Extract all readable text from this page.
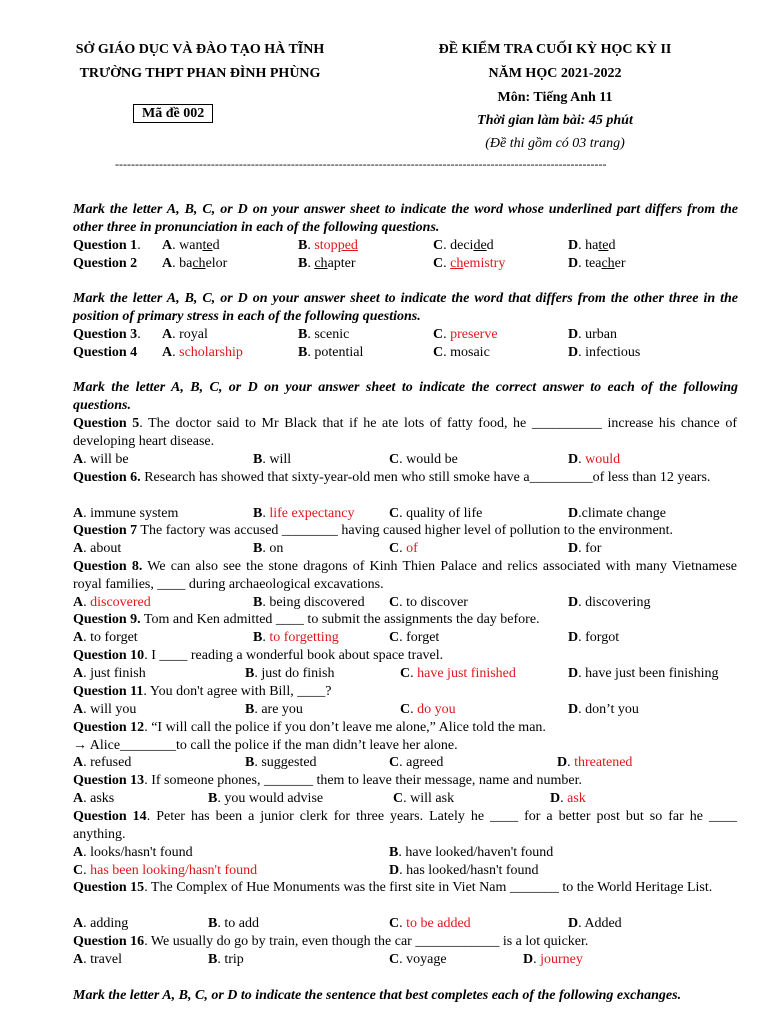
SỞ GIÁO DỤC VÀ ĐÀO TẠO HÀ TĨNH
TRƯỜNG THPT PHAN ĐÌNH PHÙNG
Mã đề 002
ĐỀ KIỂM TRA CUỐI KỲ HỌC KỲ II
NĂM HỌC 2021-2022
Môn: Tiếng Anh 11
Thời gian làm bài: 45 phút
(Đề thi gồm có 03 trang)
---------------------------------------------------------------------------------------------------------------------------
Mark the letter A, B, C, or D on your answer sheet to indicate the word whose underlined part differs from the other three in pronunciation in each of the following questions.
Question 1. A. wanted	B. stopped	C. decided	D. hated
Question 2 A. bachelor	B. chapter	C. chemistry	D. teacher
Mark the letter A, B, C, or D on your answer sheet to indicate the word that differs from the other three in the position of primary stress in each of the following questions.
Question 3. A. royal	B. scenic	C. preserve	D. urban
Question 4 A. scholarship	B. potential	C. mosaic	D. infectious
Mark the letter A, B, C, or D on your answer sheet to indicate the correct answer to each of the following questions.
Question 5. The doctor said to Mr Black that if he ate lots of fatty food, he __________ increase his chance of developing heart disease.
A. will be	B. will	C. would be	D. would
Question 6. Research has showed that sixty-year-old men who still smoke have a_________of less than 12 years.
A. immune system	B. life expectancy C. quality of life	D.climate change
Question 7 The factory was accused ________ having caused higher level of pollution to the environment.
A. about	B. on	C. of	D. for
Question 8. We can also see the stone dragons of Kinh Thien Palace and relics associated with many Vietnamese royal families, ____ during archaeological excavations.
A. discovered	B. being discovered C. to discover	D. discovering
Question 9. Tom and Ken admitted ____ to submit the assignments the day before.
A. to forget	B. to forgetting	C. forget	D. forgot
Question 10. I ____ reading a wonderful book about space travel.
A. just finish	B. just do finish	C. have just finished	D. have just been finishing
Question 11. You don't agree with Bill, ____?
A. will you	B. are you	C. do you	D. don’t you
Question 12. “I will call the police if you don’t leave me alone,” Alice told the man.
→ Alice________to call the police if the man didn’t leave her alone.
A. refused	B. suggested	C. agreed	D. threatened
Question 13. If someone phones, _______ them to leave their message, name and number.
A. asks	B. you would advise	C. will ask	D. ask
Question 14. Peter has been a junior clerk for three years. Lately he ____ for a better post but so far he ____ anything.
A. looks/hasn't found	B. have looked/haven't found
C. has been looking/hasn't found	D. has looked/hasn't found
Question 15. The Complex of Hue Monuments was the first site in Viet Nam _______ to the World Heritage List.
A. adding	B. to add	C. to be added	D. Added
Question 16. We usually do go by train, even though the car ____________ is a lot quicker.
A. travel	B. trip	C. voyage	D. journey
Mark the letter A, B, C, or D to indicate the sentence that best completes each of the following exchanges.
